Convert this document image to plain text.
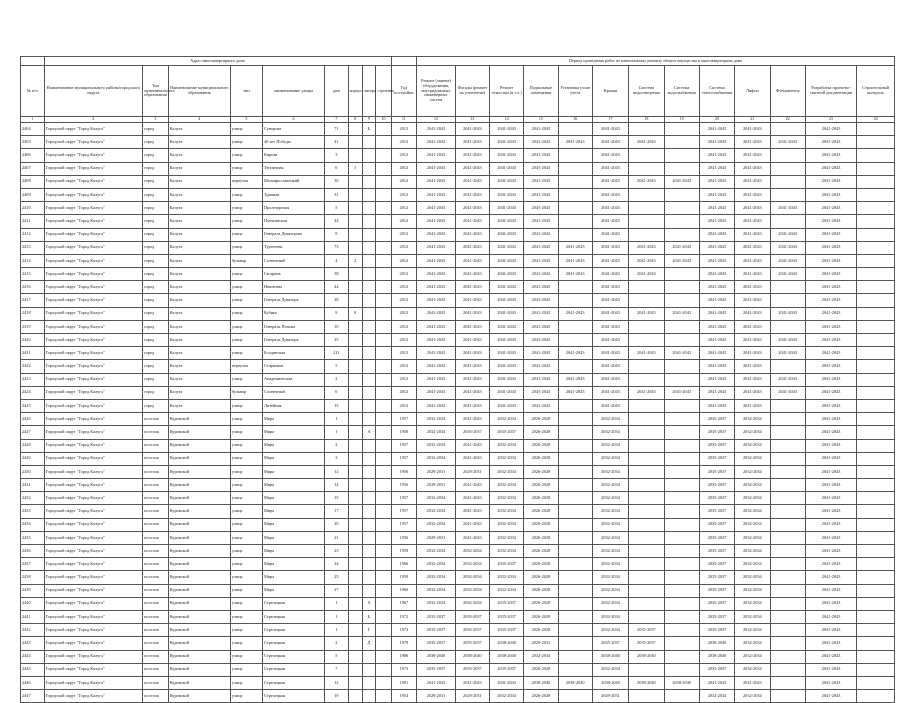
	Адрес многоквартирного дома										Период проведения работ по капитальному ремонту общего имущества в многоквартирном доме												
№ п/п	Наименование муниципального района/городского округа	Тип муниципального образования	Наименование муниципального образования	тип	наименование улицы	дом	корпус	литера	строение	Год постройки	Ремонт (замена) оборудования, внутридомовых инженерных систем	Фасады (ремонт их утепление)	Ремонт отмостки (в т.ч.)	Подвальные помещения	Установка узлов учета	Крыши	Система водоотведения	Система водоснабжения	Система теплоснабжения	Лифты	Фундаменты	Разработка проектно-сметной документации	Строительный контроль
1	2	3	4	5	6	7	8	9	10	11	12	13	14	15	16	17	18	19	20	21	22	23	24
2404	Городской округ "Город Калуга"	город	Калуга	улица	Суворова	71		Б		2012	2041-2043	2041-2043	2041-2043	2041-2043		2041-2043			2041-2043	2041-2043		2041-2043	
2405	Городской округ "Город Калуга"	город	Калуга	улица	40 лет Победы	41				2012	2041-2043	2041-2043	2041-2043	2041-2043	2041-2043	2041-2043	2041-2043		2041-2043	2041-2043	2041-2043	2041-2043	
2406	Городской округ "Город Калуга"	город	Калуга	улица	Кирова	3				2012	2041-2043	2041-2043	2041-2043	2041-2043		2041-2043			2041-2043	2041-2043		2041-2043	
2407	Городской округ "Город Калуга"	город	Калуга	улица	Тепличная	6	1			2012	2041-2043	2041-2043	2041-2043	2041-2043		2041-2043			2041-2043	2041-2043		2041-2043	
2408	Городской округ "Город Калуга"	город	Калуга	переулок	Малоярославецкий	30				2012	2041-2043	2041-2043	2041-2043	2041-2043		2041-2043	2041-2043	2041-2043	2041-2043	2041-2043		2041-2043	
2409	Городской округ "Город Калуга"	город	Калуга	улица	Трамвая	31				2012	2041-2043	2041-2043	2041-2043	2041-2043		2041-2043			2041-2043	2041-2043		2041-2043	
2410	Городской округ "Город Калуга"	город	Калуга	улица	Пролетарская	5				2012	2041-2043	2041-2043	2041-2043	2041-2043		2041-2043			2041-2043	2041-2043	2041-2043	2041-2043	
2411	Городской округ "Город Калуга"	город	Калуга	улица	Пушкинская	44				2012	2041-2043	2041-2043	2041-2043	2041-2043		2041-2043			2041-2043	2041-2043		2041-2043	
2412	Городской округ "Город Калуга"	город	Калуга	улица	Генерала Димитрова	9				2012	2041-2043	2041-2043	2041-2043	2041-2043		2041-2043			2041-2043	2041-2043	2041-2043	2041-2043	
2413	Городской округ "Город Калуга"	город	Калуга	улица	Тургенева	73				2012	2041-2043	2041-2043	2041-2043	2041-2043	2041-2043	2041-2043	2041-2043	2041-2043	2041-2043	2041-2043	2041-2043	2041-2043	
2414	Городской округ "Город Калуга"	город	Калуга	бульвар	Солнечный	4	2			2012	2041-2043	2041-2043	2041-2043	2041-2043	2041-2043	2041-2043	2041-2043	2041-2043	2041-2043	2041-2043	2041-2043	2041-2043	
2415	Городской округ "Город Калуга"	город	Калуга	улица	Гагарина	38				2012	2041-2043	2041-2043	2041-2043	2041-2043	2041-2043	2041-2043	2041-2043		2041-2043	2041-2043	2041-2043	2041-2043	
2416	Городской округ "Город Калуга"	город	Калуга	улица	Никитина	44				2012	2041-2043	2041-2043	2041-2043	2041-2043		2041-2043			2041-2043	2041-2043		2041-2043	
2417	Городской округ "Город Калуга"	город	Калуга	улица	Генерала Доватора	28				2012	2041-2043	2041-2043	2041-2043	2041-2043		2041-2043			2041-2043	2041-2043		2041-2043	
2418	Городской округ "Город Калуга"	город	Калуга	улица	Кубяка	9	8			2012	2041-2043	2041-2043	2041-2043	2041-2043	2041-2043	2041-2043	2041-2043	2041-2043	2041-2043	2041-2043	2041-2043	2041-2043	
2419	Городской округ "Город Калуга"	город	Калуга	улица	Генерала Попова	10				2012	2041-2043	2041-2043	2041-2043	2041-2043		2041-2043			2041-2043	2041-2043		2041-2043	
2420	Городской округ "Город Калуга"	город	Калуга	улица	Генерала Доватора	25				2012	2041-2043	2041-2043	2041-2043	2041-2043		2041-2043			2041-2043	2041-2043	2041-2043	2041-2043	
2421	Городской округ "Город Калуга"	город	Калуга	улица	Болдинская	211				2012	2041-2043	2041-2043	2041-2043	2041-2043	2041-2043	2041-2043	2041-2043	2041-2043	2041-2043	2041-2043	2041-2043	2041-2043	
2422	Городской округ "Город Калуга"	город	Калуга	переулок	Старичков	5				2012	2041-2043	2041-2043	2041-2043	2041-2043		2041-2043			2041-2043	2041-2043		2041-2043	
2423	Городской округ "Город Калуга"	город	Калуга	улица	Академическая	2				2012	2041-2043	2041-2043	2041-2043	2041-2043	2041-2043	2041-2043			2041-2043	2041-2043	2041-2043	2041-2043	
2424	Городской округ "Город Калуга"	город	Калуга	бульвар	Солнечный	6				2012	2041-2043	2041-2043	2041-2043	2041-2043	2041-2043	2041-2043	2041-2043	2041-2043	2041-2043	2041-2043	2041-2043	2041-2043	
2425	Городской округ "Город Калуга"	город	Калуга	улица	Литейная	15				2012	2041-2043	2041-2043	2041-2043	2041-2043		2041-2043			2041-2043	2041-2043		2041-2043	
2426	Городской округ "Город Калуга"	поселок	Куровской	улица	Мира	1				1957	2032-2034	2041-2043	2032-2034	2026-2028		2032-2034			2035-2037	2032-2034		2041-2043	
2427	Городской округ "Город Калуга"	поселок	Куровской	улица	Мира	1		А		1958	2032-2034	2035-2037	2035-2037	2026-2028		2032-2034			2035-2037	2032-2034		2041-2043	
2428	Городской округ "Город Калуга"	поселок	Куровской	улица	Мира	2				1957	2032-2034	2041-2043	2032-2034	2026-2028		2032-2034			2035-2037	2032-2034		2041-2043	
2429	Городской округ "Город Калуга"	поселок	Куровской	улица	Мира	3				1957	2032-2034	2041-2043	2032-2034	2026-2028		2032-2034			2035-2037	2032-2034		2041-2043	
2430	Городской округ "Город Калуга"	поселок	Куровской	улица	Мира	12				1956	2029-2031	2029-2031	2032-2034	2026-2028		2032-2034			2035-2037	2032-2034		2041-2043	
2431	Городской округ "Город Калуга"	поселок	Куровской	улица	Мира	14				1956	2029-2031	2041-2043	2032-2034	2026-2028		2032-2034			2035-2037	2032-2034		2041-2043	
2432	Городской округ "Город Калуга"	поселок	Куровской	улица	Мира	15				1957	2032-2034	2041-2043	2032-2034	2026-2028		2032-2034			2035-2037	2032-2034		2041-2043	
2433	Городской округ "Город Калуга"	поселок	Куровской	улица	Мира	17				1957	2032-2034	2041-2043	2032-2034	2026-2028		2032-2034			2035-2037	2032-2034		2041-2043	
2434	Городской округ "Город Калуга"	поселок	Куровской	улица	Мира	20				1957	2032-2034	2041-2043	2032-2034	2026-2028		2032-2034			2035-2037	2032-2034		2041-2043	
2435	Городской округ "Город Калуга"	поселок	Куровской	улица	Мира	21				1956	2029-2031	2041-2043	2032-2034	2026-2028		2032-2034			2035-2037	2032-2034		2041-2043	
2436	Городской округ "Город Калуга"	поселок	Куровской	улица	Мира	23				1959	2032-2034	2032-2034	2032-2034	2026-2028		2032-2034			2035-2037	2032-2034		2041-2043	
2437	Городской округ "Город Калуга"	поселок	Куровской	улица	Мира	24				1966	2032-2034	2032-2034	2035-2037	2026-2028		2032-2034			2035-2037	2032-2034		2041-2043	
2438	Городской округ "Город Калуга"	поселок	Куровской	улица	Мира	25				1959	2032-2034	2032-2034	2032-2034	2026-2028		2032-2034			2035-2037	2032-2034		2041-2043	
2439	Городской округ "Город Калуга"	поселок	Куровской	улица	Мира	27				1960	2032-2034	2032-2034	2032-2034	2026-2028		2032-2034			2035-2037	2032-2034		2041-2043	
2440	Городской округ "Город Калуга"	поселок	Куровской	улица	Стрелецкая	1		А		1967	2032-2034	2032-2034	2035-2037	2026-2028		2032-2034			2035-2037	2032-2034		2041-2043	
2441	Городской округ "Город Калуга"	поселок	Куровской	улица	Стрелецкая	1		Б		1972	2035-2037	2035-2037	2035-2037	2026-2028		2032-2034			2035-2037	2032-2034		2041-2043	
2442	Городской округ "Город Калуга"	поселок	Куровской	улица	Стрелецкая	1		Г		1973	2035-2037	2035-2037	2035-2037	2026-2028		2032-2034	2035-2037		2035-2037	2032-2034		2041-2043	
2443	Городской округ "Город Калуга"	поселок	Куровской	улица	Стрелецкая	2		Д		1979	2035-2037	2035-2037	2038-2040	2029-2031		2035-2037	2035-2037		2038-2040	2032-2034		2041-2043	
2444	Городской округ "Город Калуга"	поселок	Куровской	улица	Стрелецкая	5				1986	2038-2040	2038-2040	2038-2040	2032-2034		2038-2040	2038-2040		2038-2040	2032-2034		2041-2043	
2445	Городской округ "Город Калуга"	поселок	Куровской	улица	Стрелецкая	7				1973	2035-2037	2035-2037	2035-2037	2026-2028		2032-2034			2035-2037	2032-2034		2041-2043	
2446	Городской округ "Город Калуга"	поселок	Куровской	улица	Стрелецкая	12				1991	2041-2043	2041-2043	2041-2043	2038-2040	2038-2040	2038-2040	2038-2040	2038-2040	2041-2043	2041-2043		2041-2043	
2447	Городской округ "Город Калуга"	поселок	Куровской	улица	Стрелецкая	19				1954	2029-2031	2029-2031	2032-2034	2026-2028		2029-2031			2032-2034	2032-2034		2041-2043	
